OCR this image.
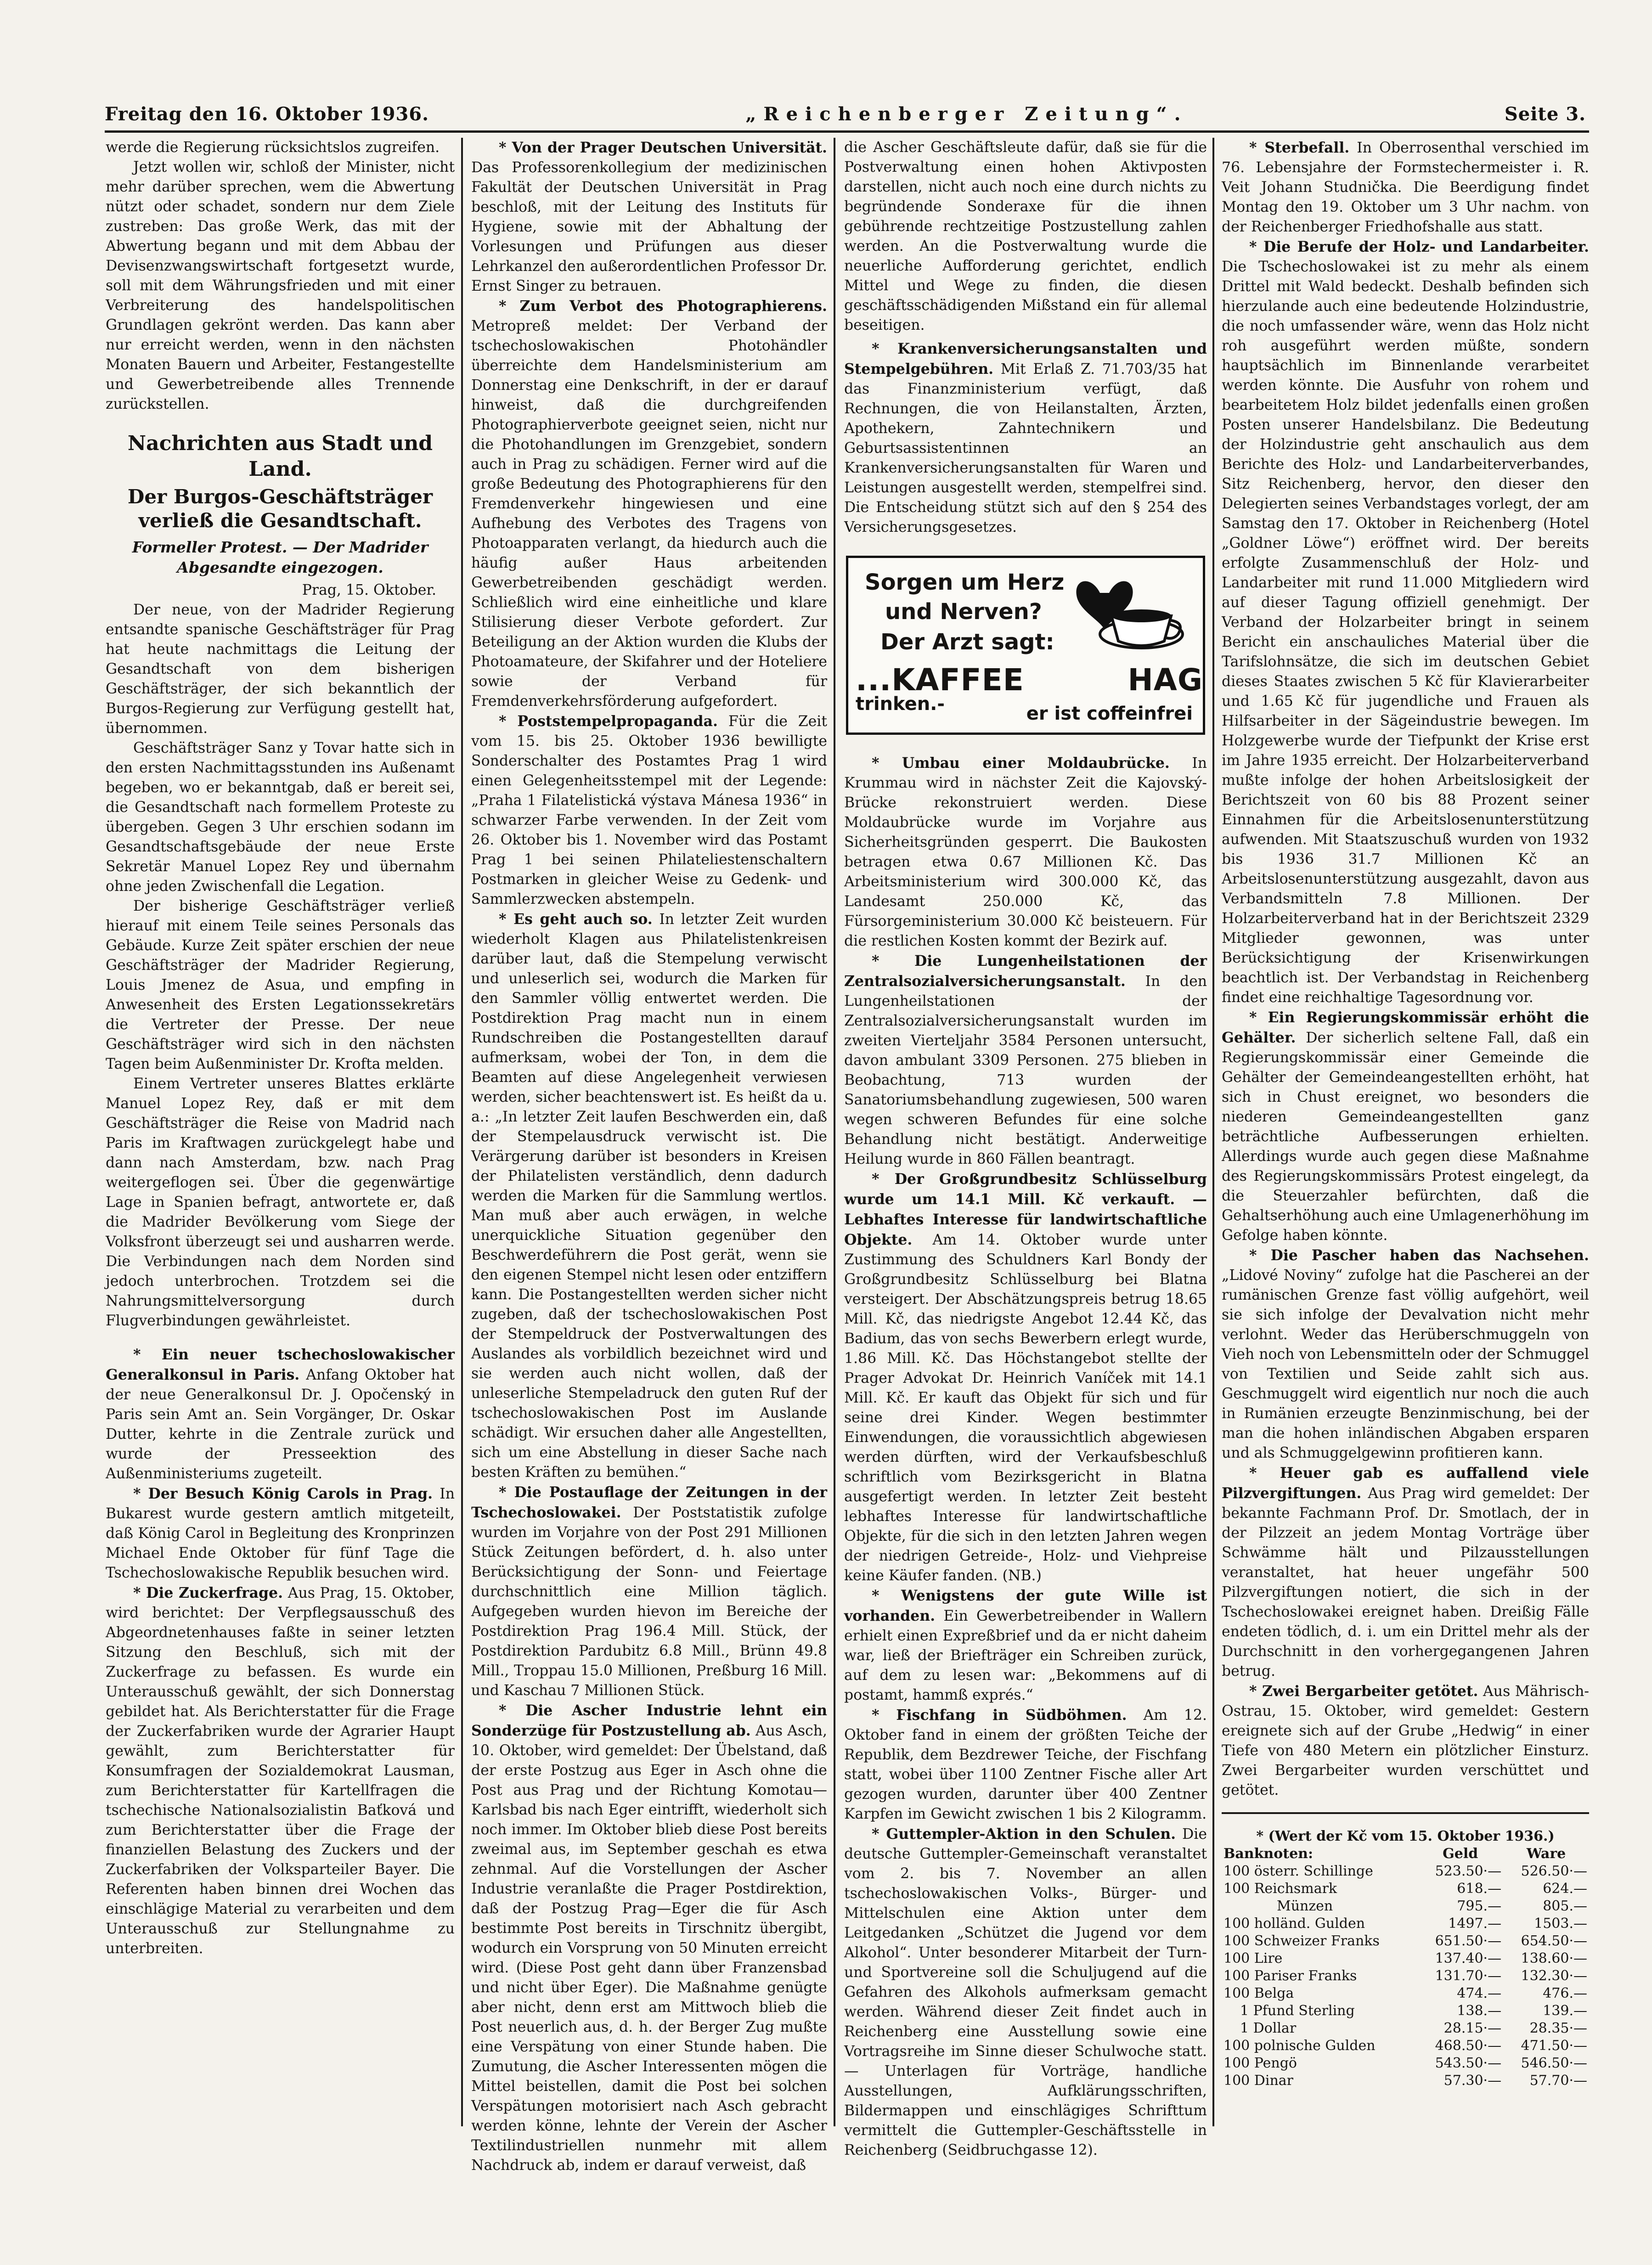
Freitag den 16. Oktober 1936.	„Reichenberger Zeitung“.	Seite 3.

werde die Regierung rücksichtslos zugreifen.

Jetzt wollen wir, schloß der Minister, nicht mehr darüber sprechen, wem die Abwertung nützt oder schadet, sondern nur dem Ziele zustreben: Das große Werk, das mit der Abwertung begann und mit dem Abbau der Devisenzwangswirtschaft fortgesetzt wurde, soll mit dem Währungsfrieden und mit einer Verbreiterung des handelspolitischen Grundlagen gekrönt werden. Das kann aber nur erreicht werden, wenn in den nächsten Monaten Bauern und Arbeiter, Festangestellte und Gewerbetreibende alles Trennende zurückstellen.

Nachrichten aus Stadt und Land.
Der Burgos-Geschäftsträger verließ die Gesandtschaft.
Formeller Protest. — Der Madrider Abgesandte eingezogen.

Prag, 15. Oktober.

Der neue, von der Madrider Regierung entsandte spanische Geschäftsträger für Prag hat heute nachmittags die Leitung der Gesandtschaft von dem bisherigen Geschäftsträger, der sich bekanntlich der Burgos-Regierung zur Verfügung gestellt hat, übernommen.

Geschäftsträger Sanz y Tovar hatte sich in den ersten Nachmittagsstunden ins Außenamt begeben, wo er bekanntgab, daß er bereit sei, die Gesandtschaft nach formellem Proteste zu übergeben. Gegen 3 Uhr erschien sodann im Gesandtschaftsgebäude der neue Erste Sekretär Manuel Lopez Rey und übernahm ohne jeden Zwischenfall die Legation.

Der bisherige Geschäftsträger verließ hierauf mit einem Teile seines Personals das Gebäude. Kurze Zeit später erschien der neue Geschäftsträger der Madrider Regierung, Louis Jmenez de Asua, und empfing in Anwesenheit des Ersten Legationssekretärs die Vertreter der Presse. Der neue Geschäftsträger wird sich in den nächsten Tagen beim Außenminister Dr. Krofta melden.

Einem Vertreter unseres Blattes erklärte Manuel Lopez Rey, daß er mit dem Geschäftsträger die Reise von Madrid nach Paris im Kraftwagen zurückgelegt habe und dann nach Amsterdam, bzw. nach Prag weitergeflogen sei. Über die gegenwärtige Lage in Spanien befragt, antwortete er, daß die Madrider Bevölkerung vom Siege der Volksfront überzeugt sei und ausharren werde. Die Verbindungen nach dem Norden sind jedoch unterbrochen. Trotzdem sei die Nahrungsmittelversorgung durch Flugverbindungen gewährleistet.

* Ein neuer tschechoslowakischer Generalkonsul in Paris. Anfang Oktober hat der neue Generalkonsul Dr. J. Opočenský in Paris sein Amt an. Sein Vorgänger, Dr. Oskar Dutter, kehrte in die Zentrale zurück und wurde der Presseektion des Außenministeriums zugeteilt.

* Der Besuch König Carols in Prag. In Bukarest wurde gestern amtlich mitgeteilt, daß König Carol in Begleitung des Kronprinzen Michael Ende Oktober für fünf Tage die Tschechoslowakische Republik besuchen wird.

* Die Zuckerfrage. Aus Prag, 15. Oktober, wird berichtet: Der Verpflegsausschuß des Abgeordnetenhauses faßte in seiner letzten Sitzung den Beschluß, sich mit der Zuckerfrage zu befassen. Es wurde ein Unterausschuß gewählt, der sich Donnerstag gebildet hat. Als Berichterstatter für die Frage der Zuckerfabriken wurde der Agrarier Haupt gewählt, zum Berichterstatter für Konsumfragen der Sozialdemokrat Lausman, zum Berichterstatter für Kartellfragen die tschechische Nationalsozialistin Baťková und zum Berichterstatter über die Frage der finanziellen Belastung des Zuckers und der Zuckerfabriken der Volksparteiler Bayer. Die Referenten haben binnen drei Wochen das einschlägige Material zu verarbeiten und dem Unterausschuß zur Stellungnahme zu unterbreiten.

* Von der Prager Deutschen Universität. Das Professorenkollegium der medizinischen Fakultät der Deutschen Universität in Prag beschloß, mit der Leitung des Instituts für Hygiene, sowie mit der Abhaltung der Vorlesungen und Prüfungen aus dieser Lehrkanzel den außerordentlichen Professor Dr. Ernst Singer zu betrauen.

* Zum Verbot des Photographierens. Metropreß meldet: Der Verband der tschechoslowakischen Photohändler überreichte dem Handelsministerium am Donnerstag eine Denkschrift, in der er darauf hinweist, daß die durchgreifenden Photographierverbote geeignet seien, nicht nur die Photohandlungen im Grenzgebiet, sondern auch in Prag zu schädigen. Ferner wird auf die große Bedeutung des Photographierens für den Fremdenverkehr hingewiesen und eine Aufhebung des Verbotes des Tragens von Photoapparaten verlangt, da hiedurch auch die häufig außer Haus arbeitenden Gewerbetreibenden geschädigt werden. Schließlich wird eine einheitliche und klare Stilisierung dieser Verbote gefordert. Zur Beteiligung an der Aktion wurden die Klubs der Photoamateure, der Skifahrer und der Hoteliere sowie der Verband für Fremdenverkehrsförderung aufgefordert.

* Poststempelpropaganda. Für die Zeit vom 15. bis 25. Oktober 1936 bewilligte Sonderschalter des Postamtes Prag 1 wird einen Gelegenheitsstempel mit der Legende: „Praha 1 Filatelistická výstava Mánesa 1936“ in schwarzer Farbe verwenden. In der Zeit vom 26. Oktober bis 1. November wird das Postamt Prag 1 bei seinen Philateliestenschaltern Postmarken in gleicher Weise zu Gedenk- und Sammlerzwecken abstempeln.

* Es geht auch so. In letzter Zeit wurden wiederholt Klagen aus Philatelistenkreisen darüber laut, daß die Stempelung verwischt und unleserlich sei, wodurch die Marken für den Sammler völlig entwertet werden. Die Postdirektion Prag macht nun in einem Rundschreiben die Postangestellten darauf aufmerksam, wobei der Ton, in dem die Beamten auf diese Angelegenheit verwiesen werden, sicher beachtenswert ist. Es heißt da u. a.: „In letzter Zeit laufen Beschwerden ein, daß der Stempelausdruck verwischt ist. Die Verärgerung darüber ist besonders in Kreisen der Philatelisten verständlich, denn dadurch werden die Marken für die Sammlung wertlos. Man muß aber auch erwägen, in welche unerquickliche Situation gegenüber den Beschwerdeführern die Post gerät, wenn sie den eigenen Stempel nicht lesen oder entziffern kann. Die Postangestellten werden sicher nicht zugeben, daß der tschechoslowakischen Post der Stempeldruck der Postverwaltungen des Auslandes als vorbildlich bezeichnet wird und sie werden auch nicht wollen, daß der unleserliche Stempeladruck den guten Ruf der tschechoslowakischen Post im Auslande schädigt. Wir ersuchen daher alle Angestellten, sich um eine Abstellung in dieser Sache nach besten Kräften zu bemühen.“

* Die Postauflage der Zeitungen in der Tschechoslowakei. Der Poststatistik zufolge wurden im Vorjahre von der Post 291 Millionen Stück Zeitungen befördert, d. h. also unter Berücksichtigung der Sonn- und Feiertage durchschnittlich eine Million täglich. Aufgegeben wurden hievon im Bereiche der Postdirektion Prag 196.4 Mill. Stück, der Postdirektion Pardubitz 6.8 Mill., Brünn 49.8 Mill., Troppau 15.0 Millionen, Preßburg 16 Mill. und Kaschau 7 Millionen Stück.

* Die Ascher Industrie lehnt ein Sonderzüge für Postzustellung ab. Aus Asch, 10. Oktober, wird gemeldet: Der Übelstand, daß der erste Postzug aus Eger in Asch ohne die Post aus Prag und der Richtung Komotau—Karlsbad bis nach Eger eintrifft, wiederholt sich noch immer. Im Oktober blieb diese Post bereits zweimal aus, im September geschah es etwa zehnmal. Auf die Vorstellungen der Ascher Industrie veranlaßte die Prager Postdirektion, daß der Postzug Prag—Eger die für Asch bestimmte Post bereits in Tirschnitz übergibt, wodurch ein Vorsprung von 50 Minuten erreicht wird. (Diese Post geht dann über Franzensbad und nicht über Eger). Die Maßnahme genügte aber nicht, denn erst am Mittwoch blieb die Post neuerlich aus, d. h. der Berger Zug mußte eine Verspätung von einer Stunde haben. Die Zumutung, die Ascher Interessenten mögen die Mittel beistellen, damit die Post bei solchen Verspätungen motorisiert nach Asch gebracht werden könne, lehnte der Verein der Ascher Textilindustriellen nunmehr mit allem Nachdruck ab, indem er darauf verweist, daß

die Ascher Geschäftsleute dafür, daß sie für die Postverwaltung einen hohen Aktivposten darstellen, nicht auch noch eine durch nichts zu begründende Sonderaxe für die ihnen gebührende rechtzeitige Postzustellung zahlen werden. An die Postverwaltung wurde die neuerliche Aufforderung gerichtet, endlich Mittel und Wege zu finden, die diesen geschäftsschädigenden Mißstand ein für allemal beseitigen.

* Krankenversicherungsanstalten und Stempelgebühren. Mit Erlaß Z. 71.703/35 hat das Finanzministerium verfügt, daß Rechnungen, die von Heilanstalten, Ärzten, Apothekern, Zahntechnikern und Geburtsassistentinnen an Krankenversicherungsanstalten für Waren und Leistungen ausgestellt werden, stempelfrei sind. Die Entscheidung stützt sich auf den § 254 des Versicherungsgesetzes.

Sorgen um Herz
und Nerven?
Der Arzt sagt:
...KAFFEE HAG trinken.-	er ist coffeinfrei

* Umbau einer Moldaubrücke. In Krummau wird in nächster Zeit die Kajovský-Brücke rekonstruiert werden. Diese Moldaubrücke wurde im Vorjahre aus Sicherheitsgründen gesperrt. Die Baukosten betragen etwa 0.67 Millionen Kč. Das Arbeitsministerium wird 300.000 Kč, das Landesamt 250.000 Kč, das Fürsorgeministerium 30.000 Kč beisteuern. Für die restlichen Kosten kommt der Bezirk auf.

* Die Lungenheilstationen der Zentralsozialversicherungsanstalt. In den Lungenheilstationen der Zentralsozialversicherungsanstalt wurden im zweiten Vierteljahr 3584 Personen untersucht, davon ambulant 3309 Personen. 275 blieben in Beobachtung, 713 wurden der Sanatoriumsbehandlung zugewiesen, 500 waren wegen schweren Befundes für eine solche Behandlung nicht bestätigt. Anderweitige Heilung wurde in 860 Fällen beantragt.

* Der Großgrundbesitz Schlüsselburg wurde um 14.1 Mill. Kč verkauft. — Lebhaftes Interesse für landwirtschaftliche Objekte. Am 14. Oktober wurde unter Zustimmung des Schuldners Karl Bondy der Großgrundbesitz Schlüsselburg bei Blatna versteigert. Der Abschätzungspreis betrug 18.65 Mill. Kč, das niedrigste Angebot 12.44 Kč, das Badium, das von sechs Bewerbern erlegt wurde, 1.86 Mill. Kč. Das Höchstangebot stellte der Prager Advokat Dr. Heinrich Vaníček mit 14.1 Mill. Kč. Er kauft das Objekt für sich und für seine drei Kinder. Wegen bestimmter Einwendungen, die voraussichtlich abgewiesen werden dürften, wird der Verkaufsbeschluß schriftlich vom Bezirksgericht in Blatna ausgefertigt werden. In letzter Zeit besteht lebhaftes Interesse für landwirtschaftliche Objekte, für die sich in den letzten Jahren wegen der niedrigen Getreide-, Holz- und Viehpreise keine Käufer fanden. (NB.)

* Wenigstens der gute Wille ist vorhanden. Ein Gewerbetreibender in Wallern erhielt einen Expreßbrief und da er nicht daheim war, ließ der Briefträger ein Schreiben zurück, auf dem zu lesen war: „Bekommens auf di postamt, hammß exprés.“

* Fischfang in Südböhmen. Am 12. Oktober fand in einem der größten Teiche der Republik, dem Bezdrewer Teiche, der Fischfang statt, wobei über 1100 Zentner Fische aller Art gezogen wurden, darunter über 400 Zentner Karpfen im Gewicht zwischen 1 bis 2 Kilogramm.

* Guttempler-Aktion in den Schulen. Die deutsche Guttempler-Gemeinschaft veranstaltet vom 2. bis 7. November an allen tschechoslowakischen Volks-, Bürger- und Mittelschulen eine Aktion unter dem Leitgedanken „Schützet die Jugend vor dem Alkohol“. Unter besonderer Mitarbeit der Turn- und Sportvereine soll die Schuljugend auf die Gefahren des Alkohols aufmerksam gemacht werden. Während dieser Zeit findet auch in Reichenberg eine Ausstellung sowie eine Vortragsreihe im Sinne dieser Schulwoche statt. — Unterlagen für Vorträge, handliche Ausstellungen, Aufklärungsschriften, Bildermappen und einschlägiges Schrifttum vermittelt die Guttempler-Geschäftsstelle in Reichenberg (Seidbruchgasse 12).

* Sterbefall. In Oberrosenthal verschied im 76. Lebensjahre der Formstechermeister i. R. Veit Johann Studnička. Die Beerdigung findet Montag den 19. Oktober um 3 Uhr nachm. von der Reichenberger Friedhofshalle aus statt.

* Die Berufe der Holz- und Landarbeiter. Die Tschechoslowakei ist zu mehr als einem Drittel mit Wald bedeckt. Deshalb befinden sich hierzulande auch eine bedeutende Holzindustrie, die noch umfassender wäre, wenn das Holz nicht roh ausgeführt werden müßte, sondern hauptsächlich im Binnenlande verarbeitet werden könnte. Die Ausfuhr von rohem und bearbeitetem Holz bildet jedenfalls einen großen Posten unserer Handelsbilanz. Die Bedeutung der Holzindustrie geht anschaulich aus dem Berichte des Holz- und Landarbeiterverbandes, Sitz Reichenberg, hervor, den dieser den Delegierten seines Verbandstages vorlegt, der am Samstag den 17. Oktober in Reichenberg (Hotel „Goldner Löwe“) eröffnet wird. Der bereits erfolgte Zusammenschluß der Holz- und Landarbeiter mit rund 11.000 Mitgliedern wird auf dieser Tagung offiziell genehmigt. Der Verband der Holzarbeiter bringt in seinem Bericht ein anschauliches Material über die Tarifslohnsätze, die sich im deutschen Gebiet dieses Staates zwischen 5 Kč für Klavierarbeiter und 1.65 Kč für jugendliche und Frauen als Hilfsarbeiter in der Sägeindustrie bewegen. Im Holzgewerbe wurde der Tiefpunkt der Krise erst im Jahre 1935 erreicht. Der Holzarbeiterverband mußte infolge der hohen Arbeitslosigkeit der Berichtszeit von 60 bis 88 Prozent seiner Einnahmen für die Arbeitslosenunterstützung aufwenden. Mit Staatszuschuß wurden von 1932 bis 1936 31.7 Millionen Kč an Arbeitslosenunterstützung ausgezahlt, davon aus Verbandsmitteln 7.8 Millionen. Der Holzarbeiterverband hat in der Berichtszeit 2329 Mitglieder gewonnen, was unter Berücksichtigung der Krisenwirkungen beachtlich ist. Der Verbandstag in Reichenberg findet eine reichhaltige Tagesordnung vor.

* Ein Regierungskommissär erhöht die Gehälter. Der sicherlich seltene Fall, daß ein Regierungskommissär einer Gemeinde die Gehälter der Gemeindeangestellten erhöht, hat sich in Chust ereignet, wo besonders die niederen Gemeindeangestellten ganz beträchtliche Aufbesserungen erhielten. Allerdings wurde auch gegen diese Maßnahme des Regierungskommissärs Protest eingelegt, da die Steuerzahler befürchten, daß die Gehaltserhöhung auch eine Umlagenerhöhung im Gefolge haben könnte.

* Die Pascher haben das Nachsehen. „Lidové Noviny“ zufolge hat die Pascherei an der rumänischen Grenze fast völlig aufgehört, weil sie sich infolge der Devalvation nicht mehr verlohnt. Weder das Herüberschmuggeln von Vieh noch von Lebensmitteln oder der Schmuggel von Textilien und Seide zahlt sich aus. Geschmuggelt wird eigentlich nur noch die auch in Rumänien erzeugte Benzinmischung, bei der man die hohen inländischen Abgaben ersparen und als Schmuggelgewinn profitieren kann.

* Heuer gab es auffallend viele Pilzvergiftungen. Aus Prag wird gemeldet: Der bekannte Fachmann Prof. Dr. Smotlach, der in der Pilzzeit an jedem Montag Vorträge über Schwämme hält und Pilzausstellungen veranstaltet, hat heuer ungefähr 500 Pilzvergiftungen notiert, die sich in der Tschechoslowakei ereignet haben. Dreißig Fälle endeten tödlich, d. i. um ein Drittel mehr als der Durchschnitt in den vorhergegangenen Jahren betrug.

* Zwei Bergarbeiter getötet. Aus Mährisch-Ostrau, 15. Oktober, wird gemeldet: Gestern ereignete sich auf der Grube „Hedwig“ in einer Tiefe von 480 Metern ein plötzlicher Einsturz. Zwei Bergarbeiter wurden verschüttet und getötet.

* (Wert der Kč vom 15. Oktober 1936.)		
Banknoten:	Geld	Ware
100 österr. Schillinge	523.50·—	526.50·—
100 Reichsmark	618.—	624.—
Münzen	795.—	805.—
100 holländ. Gulden	1497.—	1503.—
100 Schweizer Franks	651.50·—	654.50·—
100 Lire	137.40·—	138.60·—
100 Pariser Franks	131.70·—	132.30·—
100 Belga	474.—	476.—
1 Pfund Sterling	138.—	139.—
1 Dollar	28.15·—	28.35·—
100 polnische Gulden	468.50·—	471.50·—
100 Pengö	543.50·—	546.50·—
100 Dinar	57.30·—	57.70·—
